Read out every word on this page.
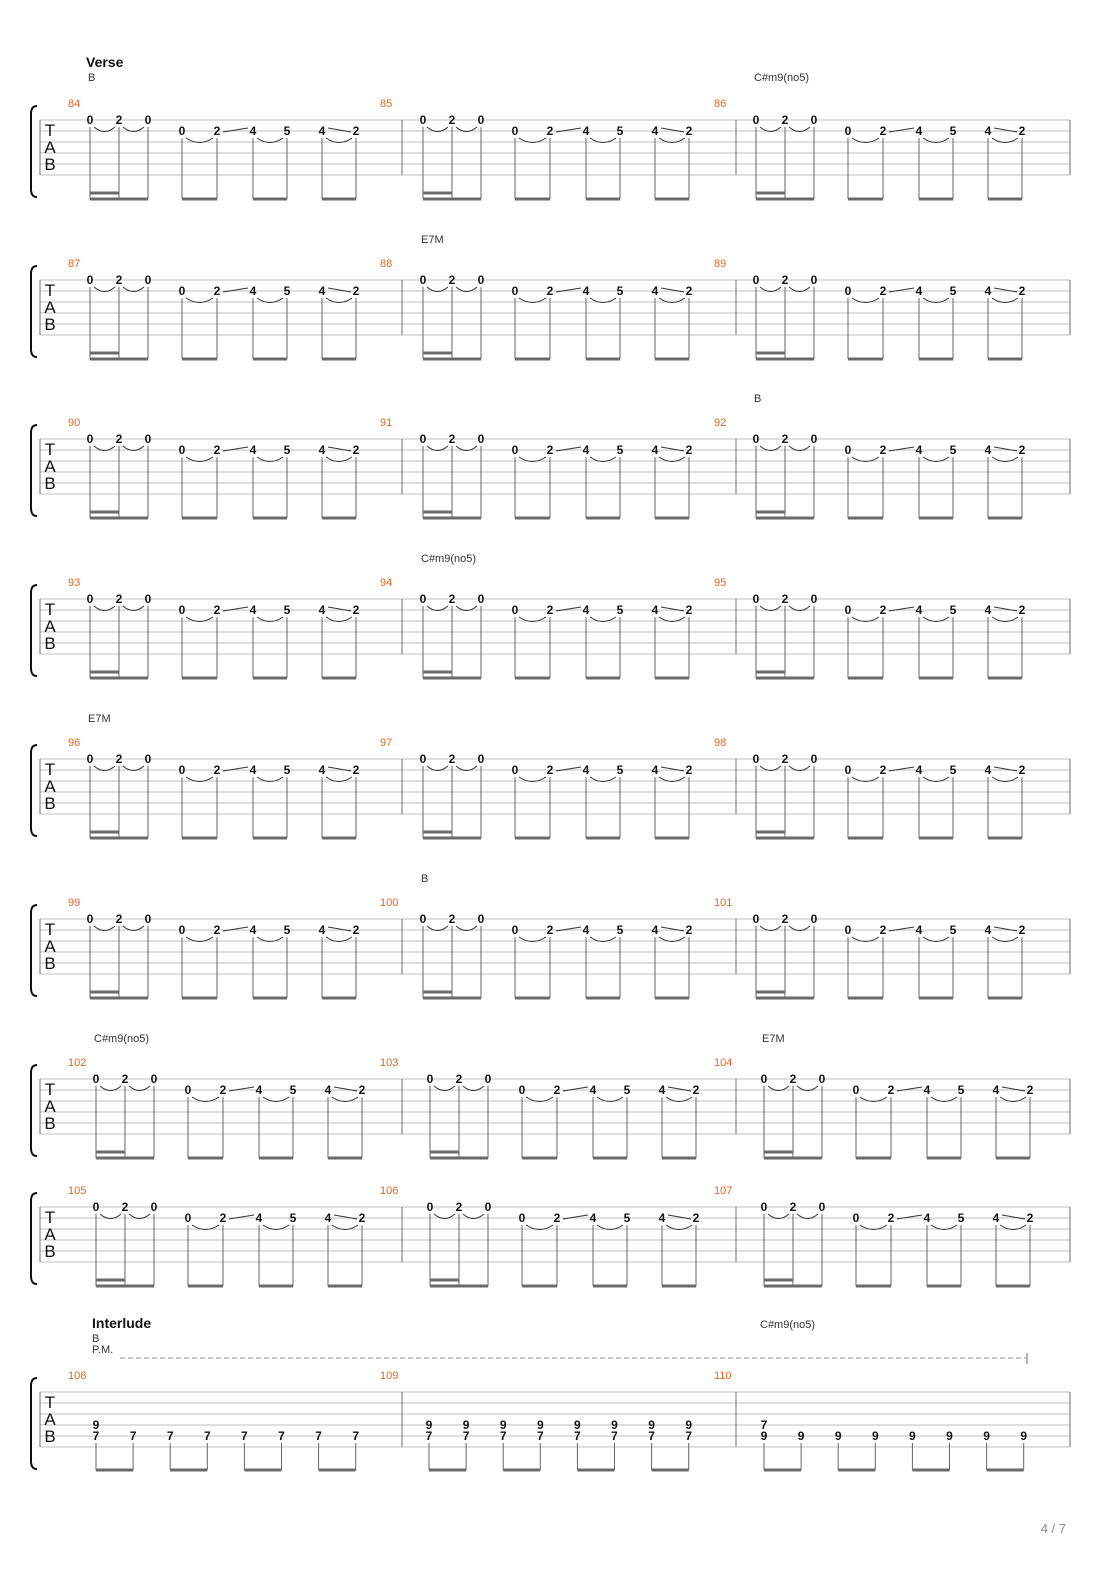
T
A
B
84
0 2 0
0 2 4 5 4 2
85
0 2 0
0 2 4 5 4 2
86
0 2 0
0 2 4 5 4 2
B	C#m9(no5)
T
A
B
87
0 2 0
0 2 4 5 4 2
88
0 2 0
0 2 4 5 4 2
89
0 2 0
0 2 4 5 4 2
E7M
T
A
B
90
0 2 0
0 2 4 5 4 2
91
0 2 0
0 2 4 5 4 2
92
0 2 0
0 2 4 5 4 2
B
T
A
B
93
0 2 0
0 2 4 5 4 2
94
0 2 0
0 2 4 5 4 2
95
0 2 0
0 2 4 5 4 2
C#m9(no5)
T
A
B
96
0 2 0
0 2 4 5 4 2
97
0 2 0
0 2 4 5 4 2
98
0 2 0
0 2 4 5 4 2
E7M
T
A
B
99
0 2 0
0 2 4 5 4 2
100
0 2 0
0 2 4 5 4 2
101
0 2 0
0 2 4 5 4 2
B
T
A
B
102
0 2 0
0 2 4 5 4 2
103
0 2 0
0 2 4 5 4 2
104
0 2 0
0 2 4 5 4 2
C#m9(no5)	E7M
T
A
B
105
0 2 0
0 2 4 5 4 2
106
0 2 0
0 2 4 5 4 2
107
0 2 0
0 2 4 5 4 2
Verse
T
A
B
Interlude
B
C#m9(no5)
P.M.
108
9
7	7	7	7	7	7	7	7
109
9
7
9
7
9
7
9
7
9
7
9
7
9
7
9
7
110
7
9	9	9	9	9	9	9	9
4 / 7
